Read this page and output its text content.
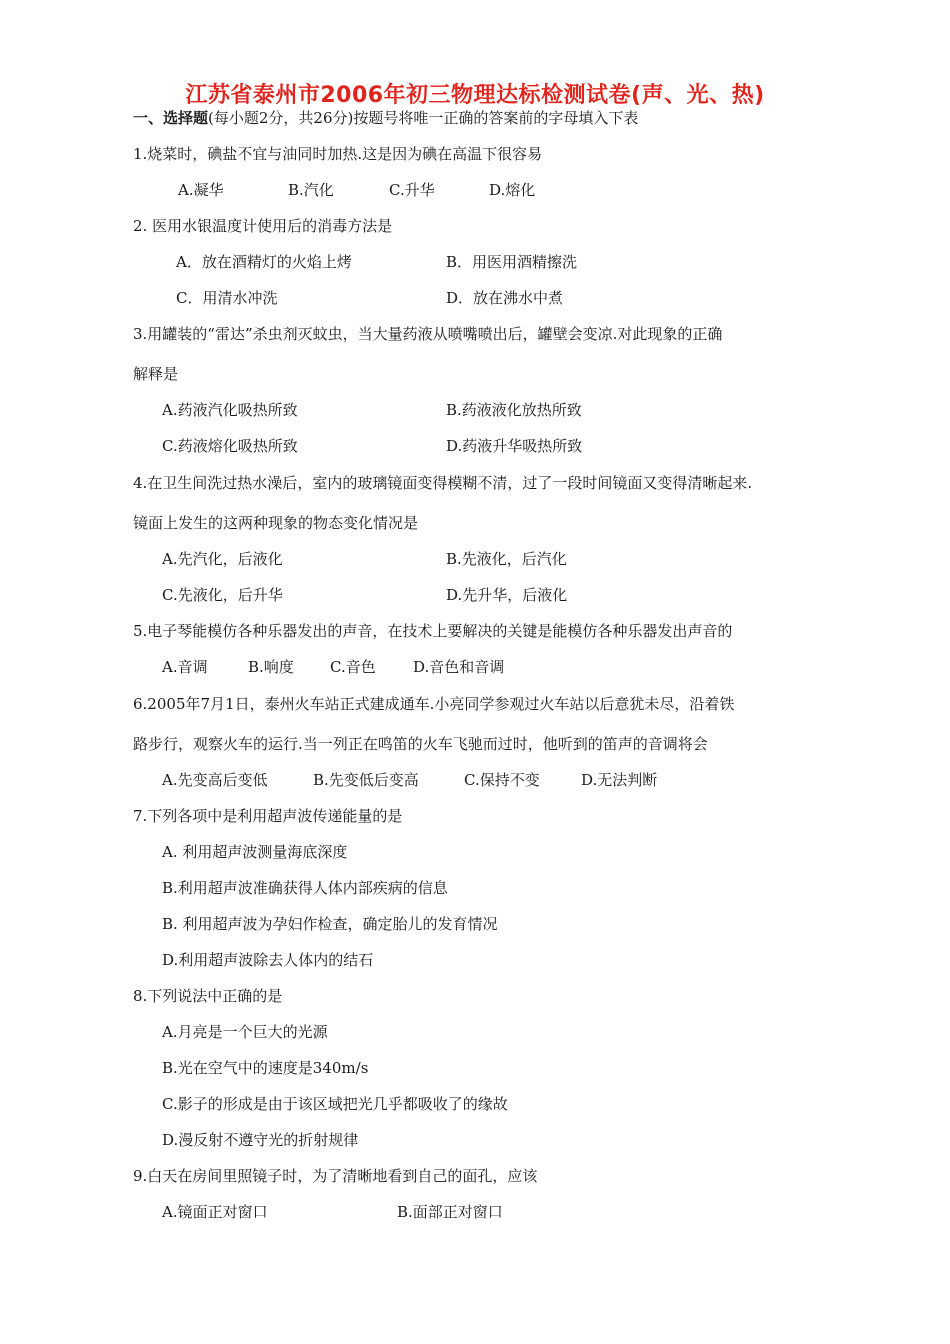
江苏省泰州市2006年初三物理达标检测试卷(声、光、热)
一、选择题(每小题2分，共26分)按题号将唯一正确的答案前的字母填入下表
1.烧菜时，碘盐不宜与油同时加热.这是因为碘在高温下很容易
A.凝华	B.汽化	C.升华	D.熔化
2. 医用水银温度计使用后的消毒方法是
A．放在酒精灯的火焰上烤	B．用医用酒精擦洗
C．用清水冲洗	D．放在沸水中煮
3.用罐装的“雷达”杀虫剂灭蚊虫，当大量药液从喷嘴喷出后，罐壁会变凉.对此现象的正确
解释是
A.药液汽化吸热所致	B.药液液化放热所致
C.药液熔化吸热所致	D.药液升华吸热所致
4.在卫生间洗过热水澡后，室内的玻璃镜面变得模糊不清，过了一段时间镜面又变得清晰起来.
镜面上发生的这两种现象的物态变化情况是
A.先汽化，后液化	B.先液化，后汽化
C.先液化，后升华	D.先升华，后液化
5.电子琴能模仿各种乐器发出的声音，在技术上要解决的关键是能模仿各种乐器发出声音的
A.音调	B.响度 C.音色 D.音色和音调
6.2005年7月1日，泰州火车站正式建成通车.小亮同学参观过火车站以后意犹未尽，沿着铁
路步行，观察火车的运行.当一列正在鸣笛的火车飞驰而过时，他听到的笛声的音调将会
A.先变高后变低	B.先变低后变高	C.保持不变	D.无法判断
7.下列各项中是利用超声波传递能量的是
A. 利用超声波测量海底深度
B.利用超声波准确获得人体内部疾病的信息
B. 利用超声波为孕妇作检查，确定胎儿的发育情况
D.利用超声波除去人体内的结石
8.下列说法中正确的是
A.月亮是一个巨大的光源
B.光在空气中的速度是340m/s
C.影子的形成是由于该区域把光几乎都吸收了的缘故
D.漫反射不遵守光的折射规律
9.白天在房间里照镜子时，为了清晰地看到自己的面孔，应该
A.镜面正对窗口	B.面部正对窗口
